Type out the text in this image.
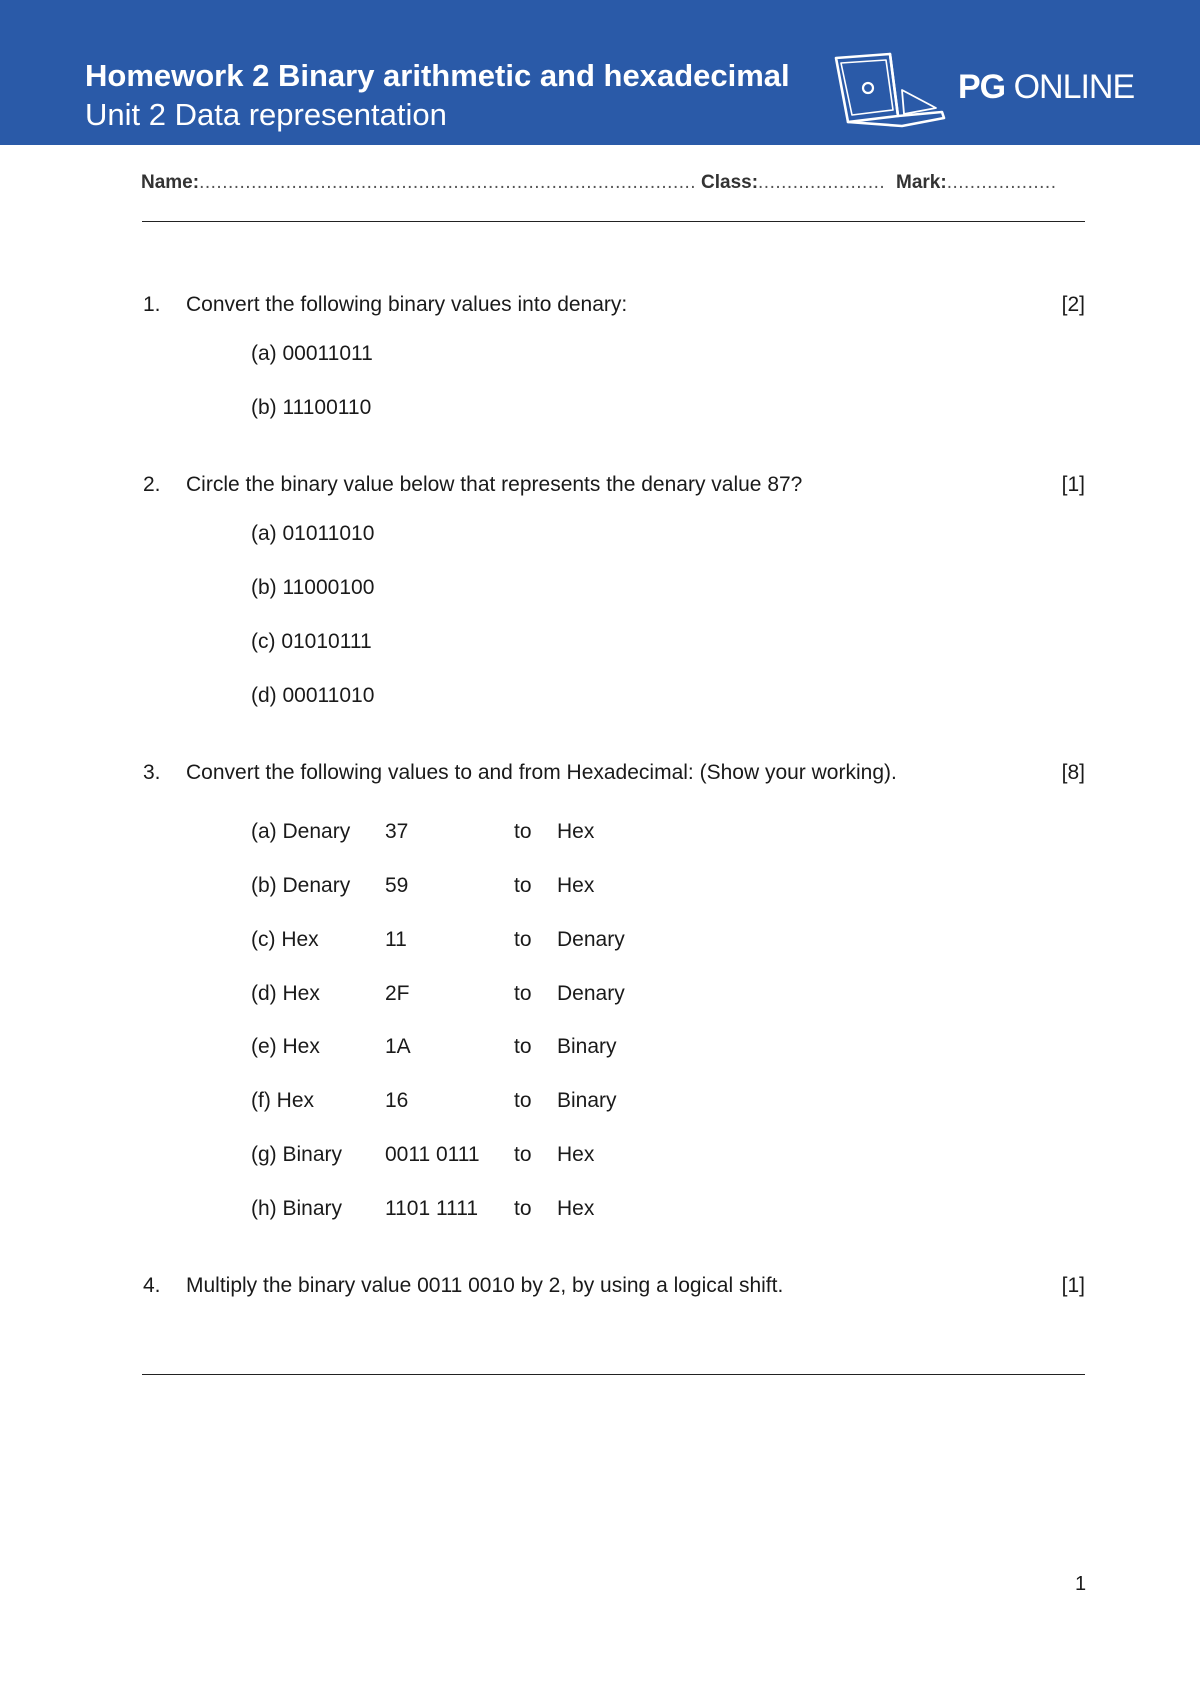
Homework 2 Binary arithmetic and hexadecimal
Unit 2 Data representation
PG ONLINE
Name:...................................................................................... Class:...................... Mark:...................
1. Convert the following binary values into denary:	[2]
(a) 00011011
(b) 11100110
2. Circle the binary value below that represents the denary value 87?	[1]
(a) 01011010
(b) 11000100
(c) 01010111
(d) 00011010
3. Convert the following values to and from Hexadecimal: (Show your working).	[8]
(a) Denary 37	to Hex
(b) Denary 59	to Hex
(c) Hex	11	to Denary
(d) Hex	2F	to Denary
(e) Hex	1A	to Binary
(f) Hex	16	to Binary
(g) Binary 0011 0111 to Hex
(h) Binary 1101 1111 to Hex
4. Multiply the binary value 0011 0010 by 2, by using a logical shift.	[1]
1
